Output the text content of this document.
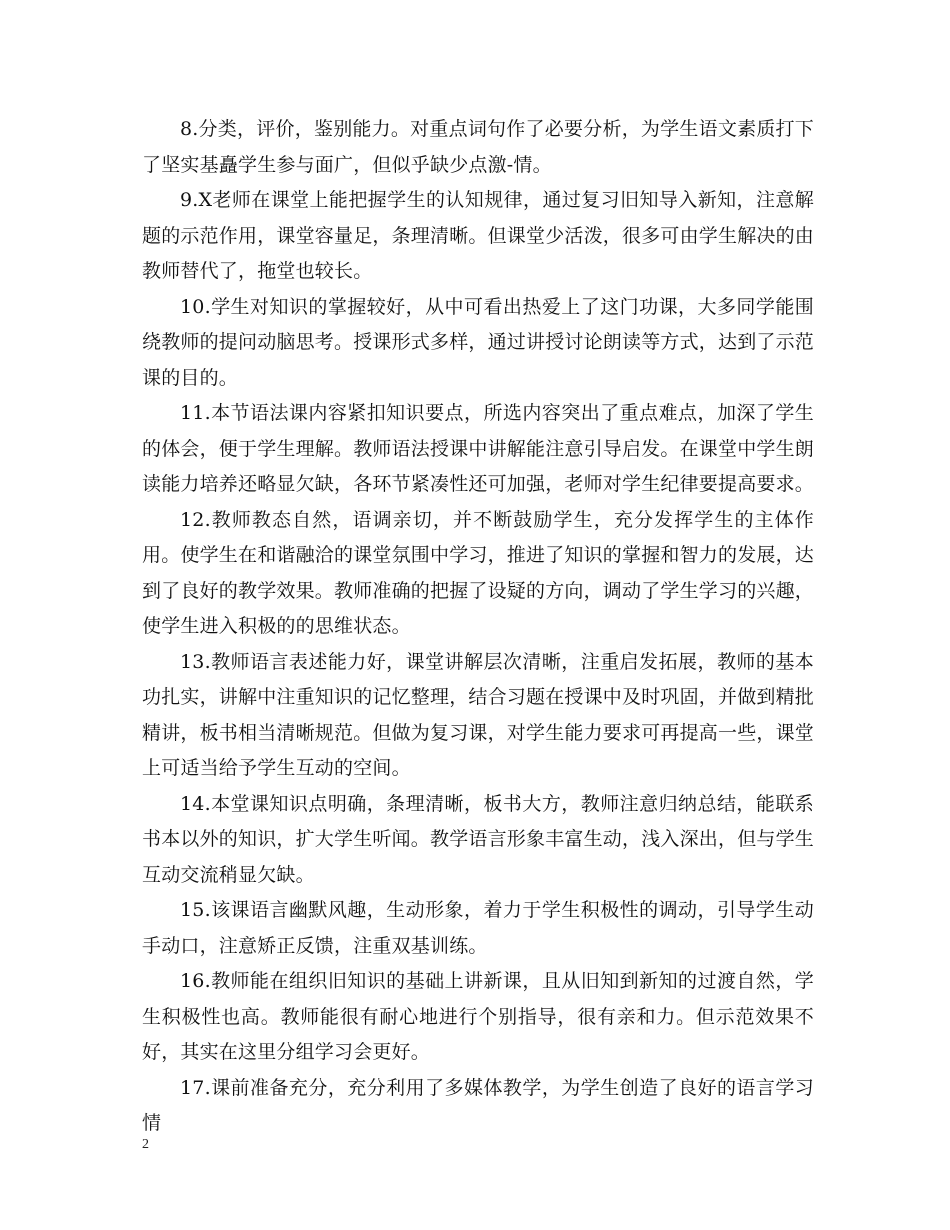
8.分类，评价，鉴别能力。对重点词句作了必要分析，为学生语文素质打下了坚实基矗学生参与面广，但似乎缺少点激-情。

9.X老师在课堂上能把握学生的认知规律，通过复习旧知导入新知，注意解题的示范作用，课堂容量足，条理清晰。但课堂少活泼，很多可由学生解决的由教师替代了，拖堂也较长。

10.学生对知识的掌握较好，从中可看出热爱上了这门功课，大多同学能围绕教师的提问动脑思考。授课形式多样，通过讲授讨论朗读等方式，达到了示范课的目的。

11.本节语法课内容紧扣知识要点，所选内容突出了重点难点，加深了学生的体会，便于学生理解。教师语法授课中讲解能注意引导启发。在课堂中学生朗读能力培养还略显欠缺，各环节紧凑性还可加强，老师对学生纪律要提高要求。

12.教师教态自然，语调亲切，并不断鼓励学生，充分发挥学生的主体作用。使学生在和谐融洽的课堂氛围中学习，推进了知识的掌握和智力的发展，达到了良好的教学效果。教师准确的把握了设疑的方向，调动了学生学习的兴趣，使学生进入积极的的思维状态。

13.教师语言表述能力好，课堂讲解层次清晰，注重启发拓展，教师的基本功扎实，讲解中注重知识的记忆整理，结合习题在授课中及时巩固，并做到精批精讲，板书相当清晰规范。但做为复习课，对学生能力要求可再提高一些，课堂上可适当给予学生互动的空间。

14.本堂课知识点明确，条理清晰，板书大方，教师注意归纳总结，能联系书本以外的知识，扩大学生听闻。教学语言形象丰富生动，浅入深出，但与学生互动交流稍显欠缺。

15.该课语言幽默风趣，生动形象，着力于学生积极性的调动，引导学生动手动口，注意矫正反馈，注重双基训练。

16.教师能在组织旧知识的基础上讲新课，且从旧知到新知的过渡自然，学生积极性也高。教师能很有耐心地进行个别指导，很有亲和力。但示范效果不好，其实在这里分组学习会更好。

17.课前准备充分，充分利用了多媒体教学，为学生创造了良好的语言学习情

2
